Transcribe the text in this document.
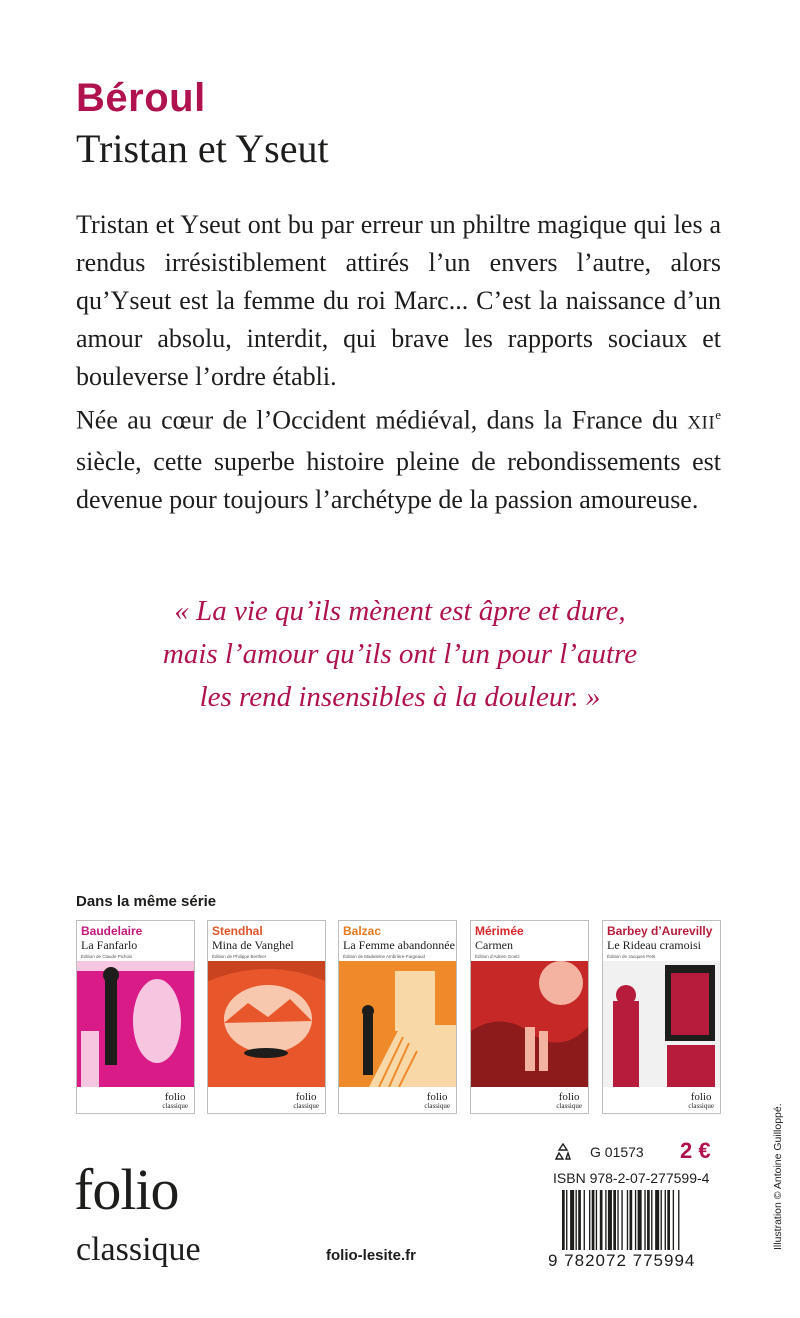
Béroul
Tristan et Yseut

Tristan et Yseut ont bu par erreur un philtre magique qui les a rendus irrésistiblement attirés l’un envers l’autre, alors qu’Yseut est la femme du roi Marc... C’est la naissance d’un amour absolu, interdit, qui brave les rapports sociaux et bouleverse l’ordre établi.

Née au cœur de l’Occident médiéval, dans la France du XIIe siècle, cette superbe histoire pleine de rebondissements est devenue pour toujours l’archétype de la passion amoureuse.

« La vie qu’ils mènent est âpre et dure,
mais l’amour qu’ils ont l’un pour l’autre
les rend insensibles à la douleur. »
Dans la même série
Baudelaire
La Fanfarlo
Édition de Claude Pichois
folio
classique
Stendhal
Mina de Vanghel
Édition de Philippe Berthier
folio
classique
Balzac
La Femme abandonnée
Édition de Madeleine Ambrière-Fargeaud
folio
classique
Mérimée
Carmen
Édition d’Adrien Goetz
folio
classique
Barbey d’Aurevilly
Le Rideau cramoisi
Édition de Jacques Petit
folio
classique	Illustration © Antoine Guilloppé.
folio
classique	folio-lesite.fr
G 01573 2 €
ISBN 978-2-07-277599-4
9 782072 775994
